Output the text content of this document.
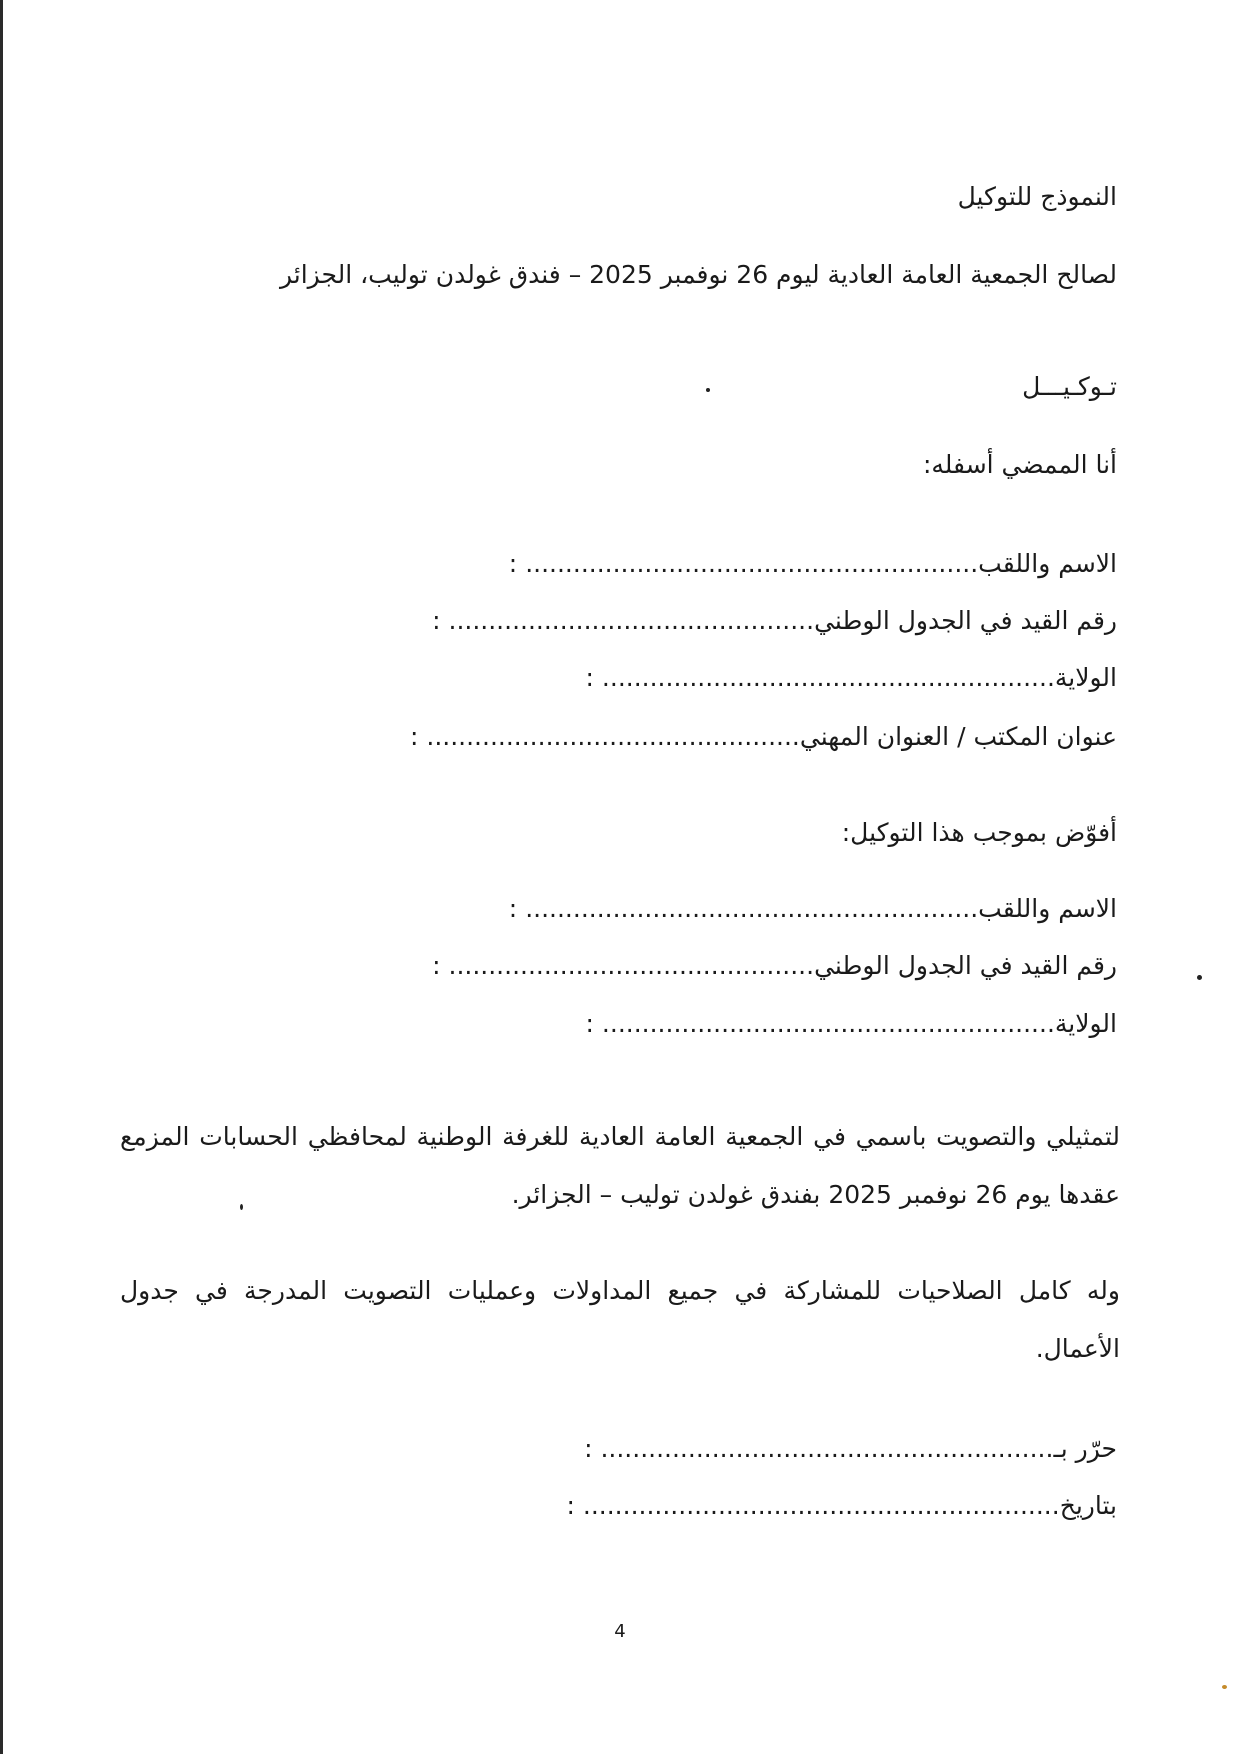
النموذج للتوكيل
لصالح الجمعية العامة العادية ليوم 26 نوفمبر 2025 – فندق غولدن توليب، الجزائر
تـوكـيـــل
أنا الممضي أسفله:
الاسم واللقب......................................................... :
رقم القيد في الجدول الوطني.............................................. :
الولاية......................................................... :
عنوان المكتب / العنوان المهني............................................... :
أفوّض بموجب هذا التوكيل:
الاسم واللقب......................................................... :
رقم القيد في الجدول الوطني.............................................. :
الولاية......................................................... :
لتمثيلي والتصويت باسمي في الجمعية العامة العادية للغرفة الوطنية لمحافظي الحسابات المزمع عقدها يوم 26 نوفمبر 2025 بفندق غولدن توليب – الجزائر.
وله كامل الصلاحيات للمشاركة في جميع المداولات وعمليات التصويت المدرجة في جدول الأعمال.
حرّر بـ......................................................... :
بتاريخ............................................................ :
4
